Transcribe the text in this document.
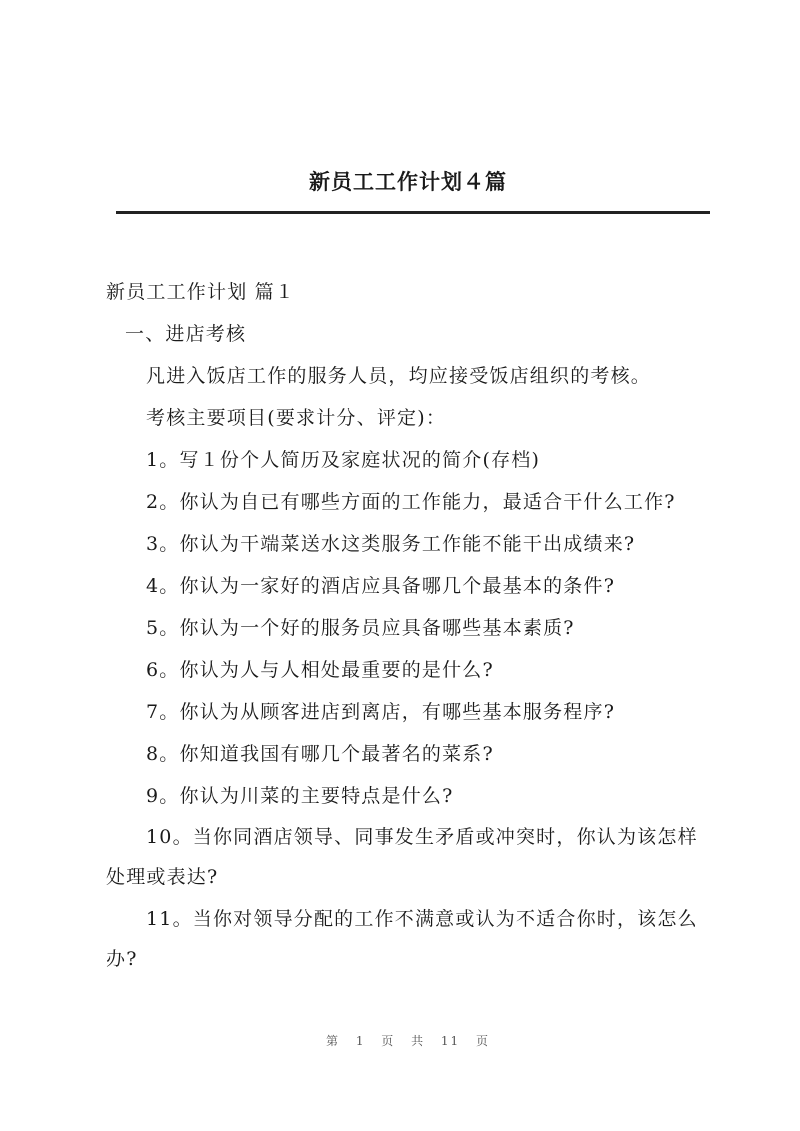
新员工工作计划４篇

新员工工作计划 篇１

一、进店考核

凡进入饭店工作的服务人员，均应接受饭店组织的考核。

考核主要项目(要求计分、评定)：

1。写１份个人简历及家庭状况的简介(存档)

2。你认为自已有哪些方面的工作能力，最适合干什么工作?

3。你认为干端菜送水这类服务工作能不能干出成绩来?

4。你认为一家好的酒店应具备哪几个最基本的条件?

5。你认为一个好的服务员应具备哪些基本素质?

6。你认为人与人相处最重要的是什么?

7。你认为从顾客进店到离店，有哪些基本服务程序?

8。你知道我国有哪几个最著名的菜系?

9。你认为川菜的主要特点是什么?

10。当你同酒店领导、同事发生矛盾或冲突时，你认为该怎样处理或表达?

11。当你对领导分配的工作不满意或认为不适合你时，该怎么办?

第 1 页 共 11 页
